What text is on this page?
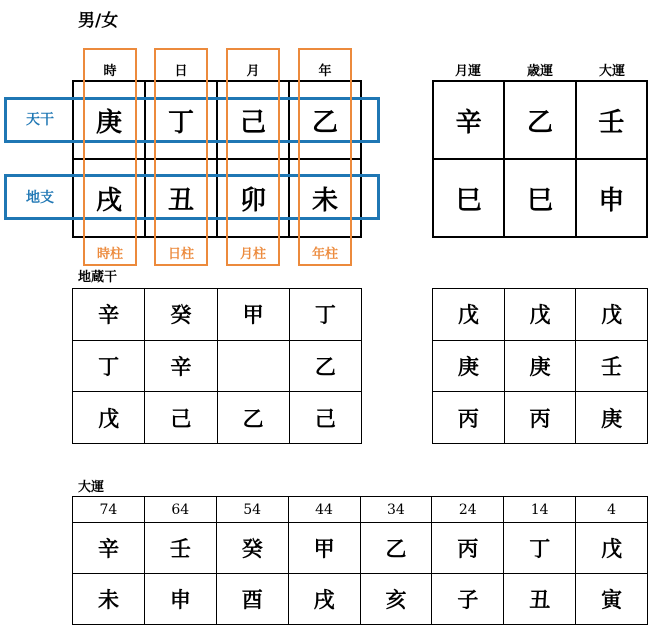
男/女
時	日	月	年
庚	丁	己	乙
戌	丑	卯	未
天干
地支
時柱	日柱	月柱	年柱
月運	歳運	大運
辛	乙	壬
巳	巳	申
地蔵干
辛	癸	甲	丁
丁	辛		乙
戊	己	乙	己
戊	戊	戊
庚	庚	壬
丙	丙	庚
大運
74	64	54	44	34	24	14	4
辛	壬	癸	甲	乙	丙	丁	戊
未	申	酉	戌	亥	子	丑	寅
